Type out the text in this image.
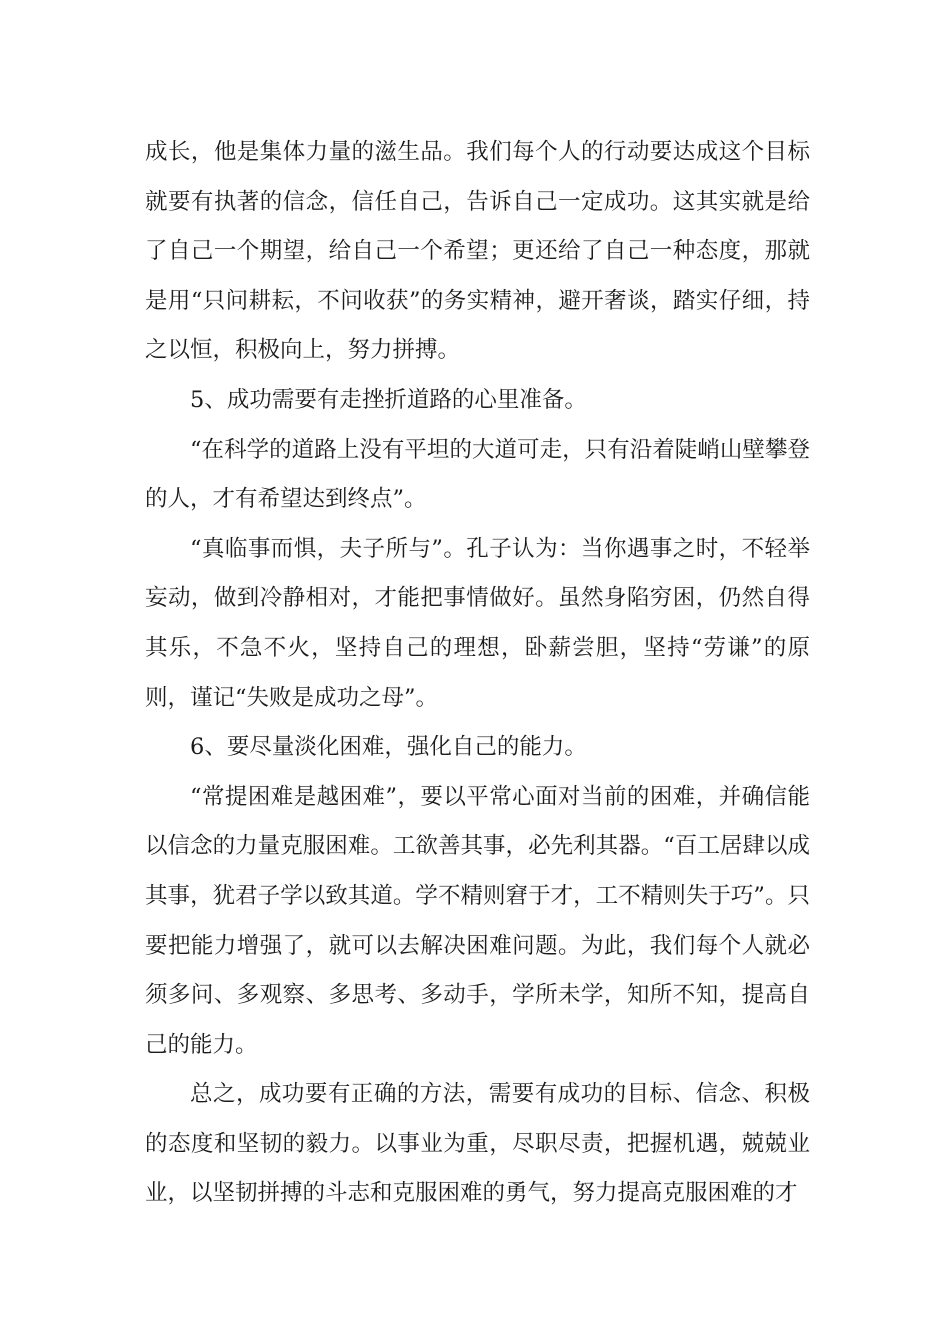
成长，他是集体力量的滋生品。我们每个人的行动要达成这个目标就要有执著的信念，信任自己，告诉自己一定成功。这其实就是给了自己一个期望，给自己一个希望；更还给了自己一种态度，那就是用“只问耕耘，不问收获”的务实精神，避开奢谈，踏实仔细，持之以恒，积极向上，努力拼搏。

5、成功需要有走挫折道路的心里准备。

“在科学的道路上没有平坦的大道可走，只有沿着陡峭山壁攀登的人，才有希望达到终点”。

“真临事而惧，夫子所与”。孔子认为：当你遇事之时，不轻举妄动，做到冷静相对，才能把事情做好。虽然身陷穷困，仍然自得其乐，不急不火，坚持自己的理想，卧薪尝胆，坚持“劳谦”的原则，谨记“失败是成功之母”。

6、要尽量淡化困难，强化自己的能力。

“常提困难是越困难”，要以平常心面对当前的困难，并确信能以信念的力量克服困难。工欲善其事，必先利其器。“百工居肆以成其事，犹君子学以致其道。学不精则窘于才，工不精则失于巧”。只要把能力增强了，就可以去解决困难问题。为此，我们每个人就必须多问、多观察、多思考、多动手，学所未学，知所不知，提高自己的能力。

总之，成功要有正确的方法，需要有成功的目标、信念、积极的态度和坚韧的毅力。以事业为重，尽职尽责，把握机遇，兢兢业业，以坚韧拼搏的斗志和克服困难的勇气，努力提高克服困难的才
